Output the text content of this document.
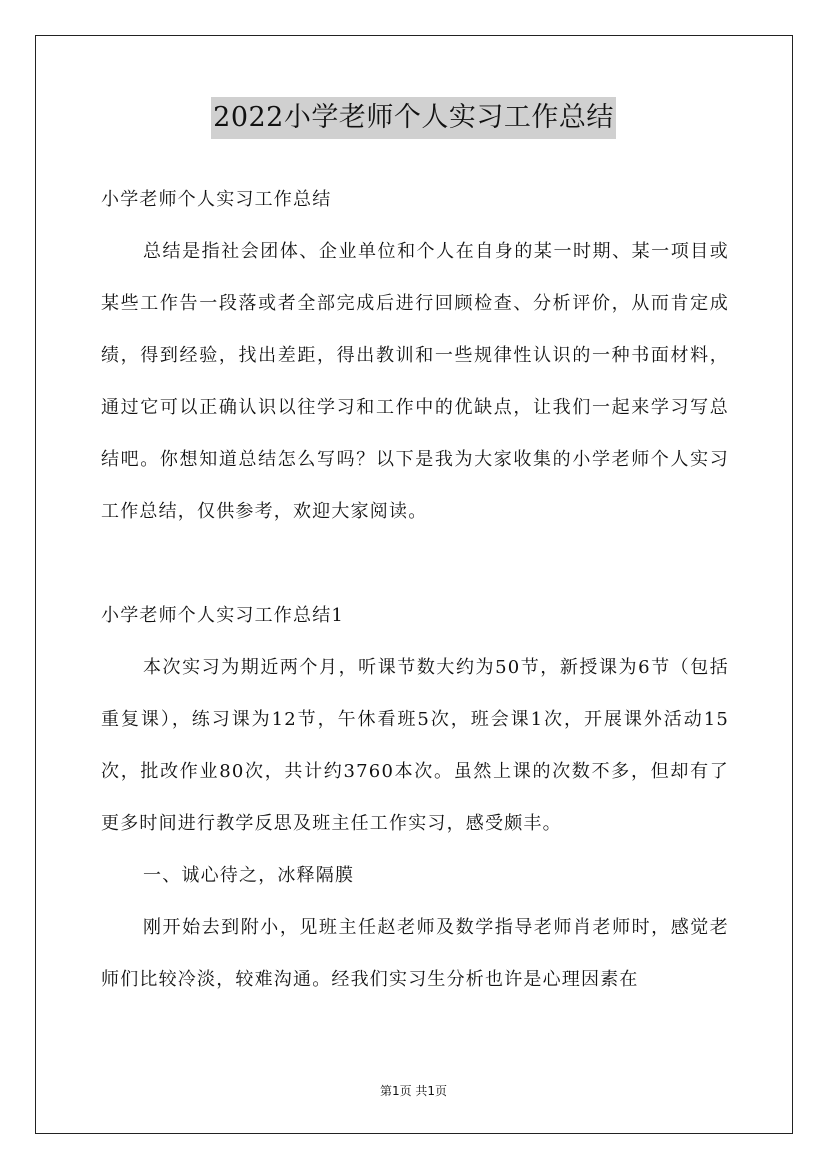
2022小学老师个人实习工作总结

小学老师个人实习工作总结

总结是指社会团体、企业单位和个人在自身的某一时期、某一项目或某些工作告一段落或者全部完成后进行回顾检查、分析评价，从而肯定成绩，得到经验，找出差距，得出教训和一些规律性认识的一种书面材料，通过它可以正确认识以往学习和工作中的优缺点，让我们一起来学习写总结吧。你想知道总结怎么写吗？以下是我为大家收集的小学老师个人实习工作总结，仅供参考，欢迎大家阅读。

小学老师个人实习工作总结1

本次实习为期近两个月，听课节数大约为50节，新授课为6节（包括重复课），练习课为12节，午休看班5次，班会课1次，开展课外活动15次，批改作业80次，共计约3760本次。虽然上课的次数不多，但却有了更多时间进行教学反思及班主任工作实习，感受颇丰。

一、诚心待之，冰释隔膜

刚开始去到附小，见班主任赵老师及数学指导老师肖老师时，感觉老师们比较冷淡，较难沟通。经我们实习生分析也许是心理因素在

第1页 共1页
